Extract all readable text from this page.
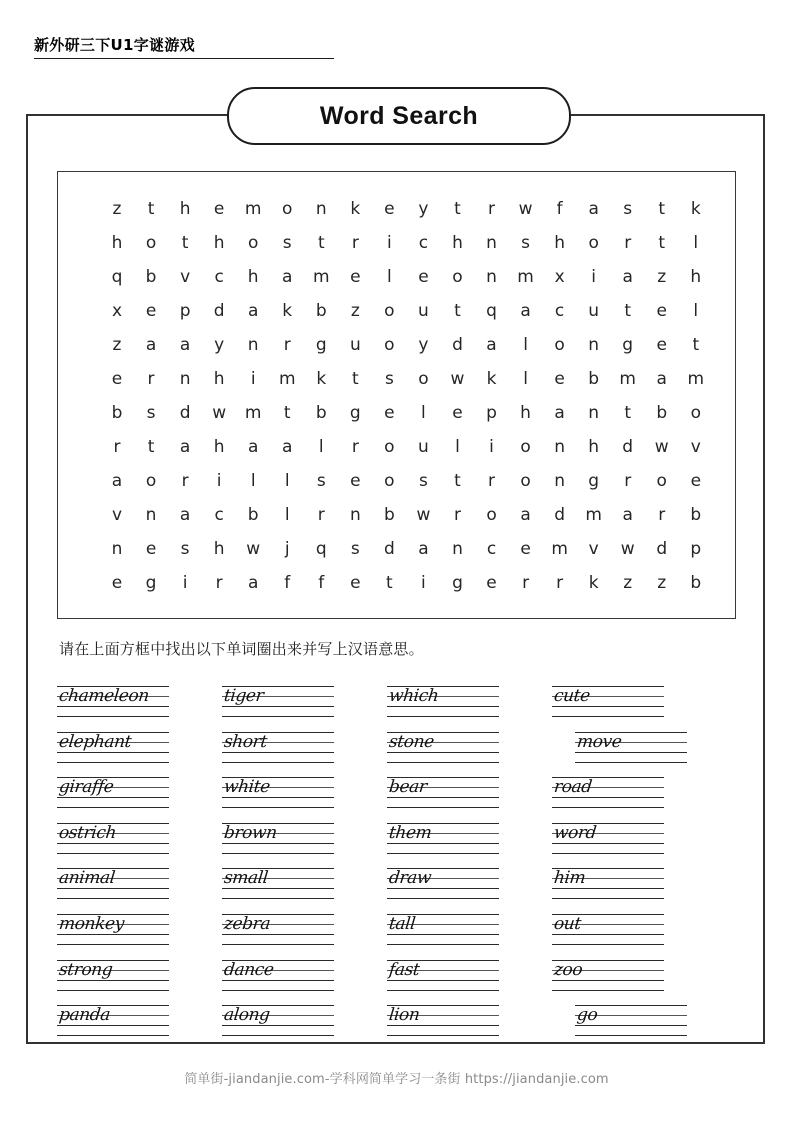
新外研三下U1字谜游戏
Word Search
z	t	h	e	m	o	n	k	e	y	t	r	w	f	a	s	t	k
h	o	t	h	o	s	t	r	i	c	h	n	s	h	o	r	t	l
q	b	v	c	h	a	m	e	l	e	o	n	m	x	i	a	z	h
x	e	p	d	a	k	b	z	o	u	t	q	a	c	u	t	e	l
z	a	a	y	n	r	g	u	o	y	d	a	l	o	n	g	e	t
e	r	n	h	i	m	k	t	s	o	w	k	l	e	b	m	a	m
b	s	d	w	m	t	b	g	e	l	e	p	h	a	n	t	b	o
r	t	a	h	a	a	l	r	o	u	l	i	o	n	h	d	w	v
a	o	r	i	l	l	s	e	o	s	t	r	o	n	g	r	o	e
v	n	a	c	b	l	r	n	b	w	r	o	a	d	m	a	r	b
n	e	s	h	w	j	q	s	d	a	n	c	e	m	v	w	d	p
e	g	i	r	a	f	f	e	t	i	g	e	r	r	k	z	z	b
请在上面方框中找出以下单词圈出来并写上汉语意思。
chameleon	tiger	which	cute
elephant	short	stone	move
giraffe	white	bear	road
ostrich	brown	them	word
animal	small	draw	him
monkey	zebra	tall	out
strong	dance	fast	zoo
panda	along	lion	go
简单街-jiandanjie.com-学科网简单学习一条街 https://jiandanjie.com
